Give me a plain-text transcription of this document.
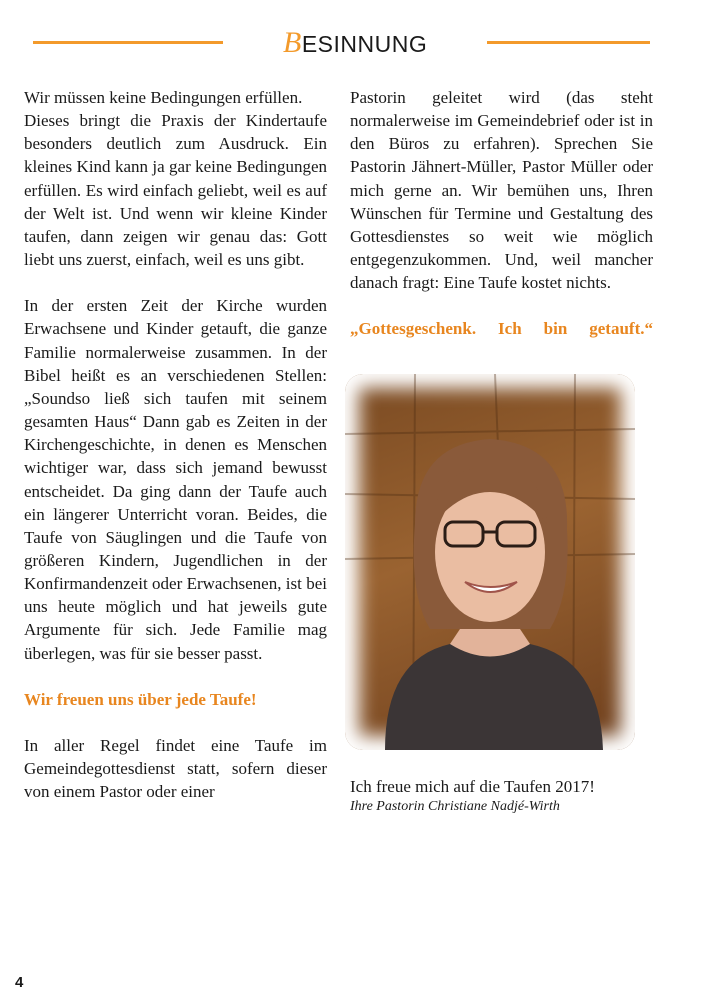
BESINNUNG

Wir müssen keine Bedingungen erfüllen.

Dieses bringt die Praxis der Kindertaufe besonders deutlich zum Ausdruck. Ein kleines Kind kann ja gar keine Bedingungen erfüllen. Es wird einfach geliebt, weil es auf der Welt ist. Und wenn wir kleine Kinder taufen, dann zeigen wir genau das: Gott liebt uns zuerst, einfach, weil es uns gibt.

In der ersten Zeit der Kirche wurden Erwachsene und Kinder getauft, die ganze Familie normalerweise zusammen. In der Bibel heißt es an verschiedenen Stellen: „Soundso ließ sich taufen mit seinem gesamten Haus“ Dann gab es Zeiten in der Kirchengeschichte, in denen es Menschen wichtiger war, dass sich jemand bewusst entscheidet. Da ging dann der Taufe auch ein längerer Unterricht voran. Beides, die Taufe von Säuglingen und die Taufe von größeren Kindern, Jugendlichen in der Konfirmandenzeit oder Erwachsenen, ist bei uns heute möglich und hat jeweils gute Argumente für sich. Jede Familie mag überlegen, was für sie besser passt.

Wir freuen uns über jede Taufe!

In aller Regel findet eine Taufe im Gemeindegottesdienst statt, sofern dieser von einem Pastor oder einer

Pastorin geleitet wird (das steht normalerweise im Gemeindebrief oder ist in den Büros zu erfahren). Sprechen Sie Pastorin Jähnert-Müller, Pastor Müller oder mich gerne an. Wir bemühen uns, Ihren Wünschen für Termine und Gestaltung des Gottesdienstes so weit wie möglich entgegenzukommen. Und, weil mancher danach fragt: Eine Taufe kostet nichts.

„Gottesgeschenk. Ich bin getauft.“

Ich freue mich auf die Taufen 2017!

Ihre Pastorin Christiane Nadjé-Wirth

4
